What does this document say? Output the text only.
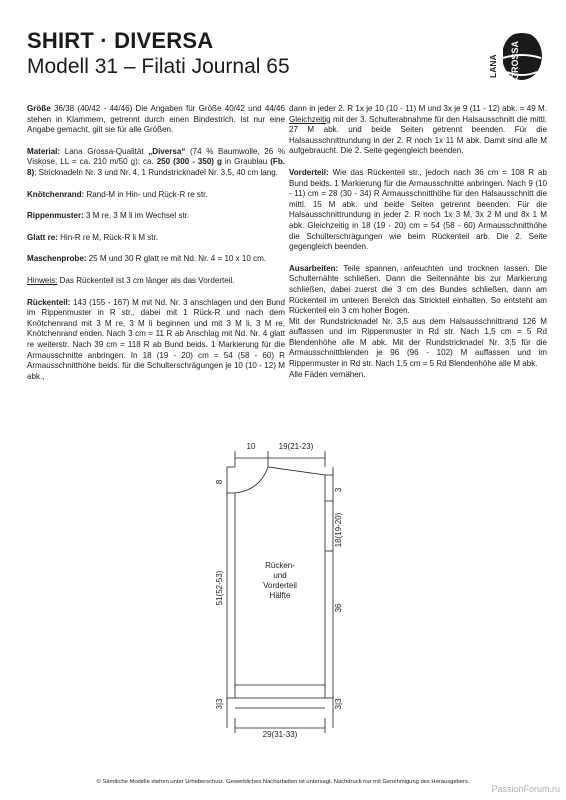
SHIRT · DIVERSA
Modell 31 – Filati Journal 65	LANA GROSSA

Größe 36/38 (40/42 - 44/46) Die Angaben für Größe 40/42 und 44/46 stehen in Klammern, getrennt durch einen Bindestrich. Ist nur eine Angabe gemacht, gilt sie für alle Größen.

Material: Lana Grossa-Qualität „Diversa“ (74 % Baumwolle, 26 % Viskose, LL = ca. 210 m/50 g): ca. 250 (300 - 350) g in Graublau (Fb. 8); Stricknadeln Nr. 3 und Nr. 4, 1 Rundstricknadel Nr. 3,5, 40 cm lang.

Knötchenrand: Rand-M in Hin- und Rück-R re str.

Rippenmuster: 3 M re, 3 M li im Wechsel str.

Glatt re: Hin-R re M, Rück-R li M str.

Maschenprobe: 25 M und 30 R glatt re mit Nd. Nr. 4 = 10 x 10 cm.

Hinweis: Das Rückenteil ist 3 cm länger als das Vorderteil.

Rückenteil: 143 (155 - 167) M mit Nd. Nr. 3 anschlagen und den Bund im Rippenmuster in R str., dabei mit 1 Rück-R und nach dem Knötchenrand mit 3 M re, 3 M li beginnen und mit 3 M li, 3 M re, Knötchenrand enden. Nach 3 cm = 11 R ab Anschlag mit Nd. Nr. 4 glatt re weiterstr. Nach 39 cm = 118 R ab Bund beids. 1 Markierung für die Armausschnitte anbringen. In 18 (19 - 20) cm = 54 (58 - 60) R Armausschnitthöhe beids. für die Schulterschrägungen je 10 (10 - 12) M abk.,

dann in jeder 2. R 1x je 10 (10 - 11) M und 3x je 9 (11 - 12) abk. = 49 M. Gleichzeitig mit der 3. Schulterabnahme für den Halsausschnitt die mittl. 27 M abk. und beide Seiten getrennt beenden. Für die Halsausschnittrundung in der 2. R noch 1x 11 M abk. Damit sind alle M aufgebraucht. Die 2. Seite gegengleich beenden.

Vorderteil: Wie das Rückenteil str., jedoch nach 36 cm = 108 R ab Bund beids. 1 Markierung für die Armausschnitte anbringen. Nach 9 (10 - 11) cm = 28 (30 - 34) R Armausschnitthöhe für den Halsausschnitt die mittl. 15 M abk. und beide Seiten getrennt beenden. Für die Halsausschnittrundung in jeder 2. R noch 1x 3 M, 3x 2 M und 8x 1 M abk. Gleichzeitig in 18 (19 - 20) cm = 54 (58 - 60) Armausschnitthöhe die Schulterschrägungen wie beim Rückenteil arb. Die 2. Seite gegengleich beenden.

Ausarbeiten: Teile spannen, anfeuchten und trocknen lassen. Die Schulternähte schließen. Dann die Seitennähte bis zur Markierung schließen, dabei zuerst die 3 cm des Bundes schließen, dann am Rückenteil im unteren Bereich das Strickteil einhalten. So entsteht am Rückenteil ein 3 cm hoher Bogen.
Mit der Rundstricknadel Nr. 3,5 aus dem Halsausschnittrand 126 M auffassen und im Rippenmuster in Rd str. Nach 1,5 cm = 5 Rd Blendenhöhe alle M abk. Mit der Rundstricknadel Nr. 3,5 für die Armausschnittblenden je 96 (96 - 102) M auffassen und im Rippenmuster in Rd str. Nach 1,5 cm = 5 Rd Blendenhöhe alle M abk.
Alle Fäden vernähen.

10	19(21-23)
8
3
18(19-20)
51(52-53)
36
3|3	3|3
29(31-33)
Rücken-
und
Vorderteil
Hälfte
© Sämtliche Modelle stehen unter Urheberschutz. Gewerbliches Nacharbeiten ist untersagt. Nachdruck nur mit Genehmigung des Herausgebers.
PassionForum.ru
